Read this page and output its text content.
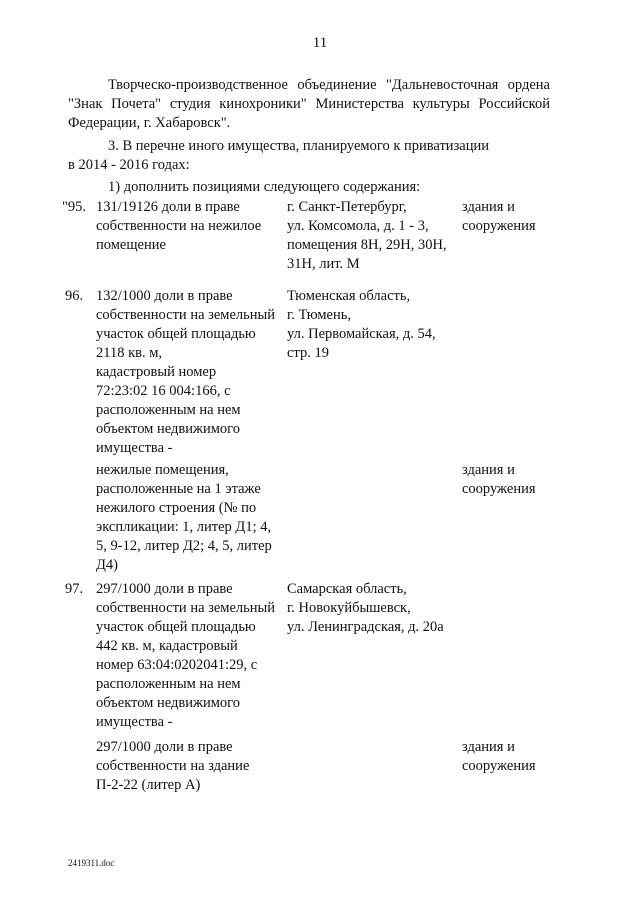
11
Творческо-производственное объединение "Дальневосточная ордена
"Знак Почета" студия кинохроники" Министерства культуры Российской
Федерации, г. Хабаровск".
3. В перечне иного имущества, планируемого к приватизации
в 2014 - 2016 годах:
1) дополнить позициями следующего содержания:
"95. 131/19126 доли в праве
собственности на нежилое
помещение
г. Санкт-Петербург,
ул. Комсомола, д. 1 - 3,
помещения 8Н, 29Н, 30Н,
31Н, лит. М
здания и
сооружения
96. 132/1000 доли в праве
собственности на земельный
участок общей площадью
2118 кв. м,
кадастровый номер
72:23:02 16 004:166, с
расположенным на нем
объектом недвижимого
имущества -
Тюменская область,
г. Тюмень,
ул. Первомайская, д. 54,
стр. 19
нежилые помещения,
расположенные на 1 этаже
нежилого строения (№ по
экспликации: 1, литер Д1; 4,
5, 9-12, литер Д2; 4, 5, литер
Д4)
здания и
сооружения
97. 297/1000 доли в праве
собственности на земельный
участок общей площадью
442 кв. м, кадастровый
номер 63:04:0202041:29, с
расположенным на нем
объектом недвижимого
имущества -
Самарская область,
г. Новокуйбышевск,
ул. Ленинградская, д. 20а
297/1000 доли в праве
собственности на здание
П-2-22 (литер А)
здания и
сооружения
2419311.doc
